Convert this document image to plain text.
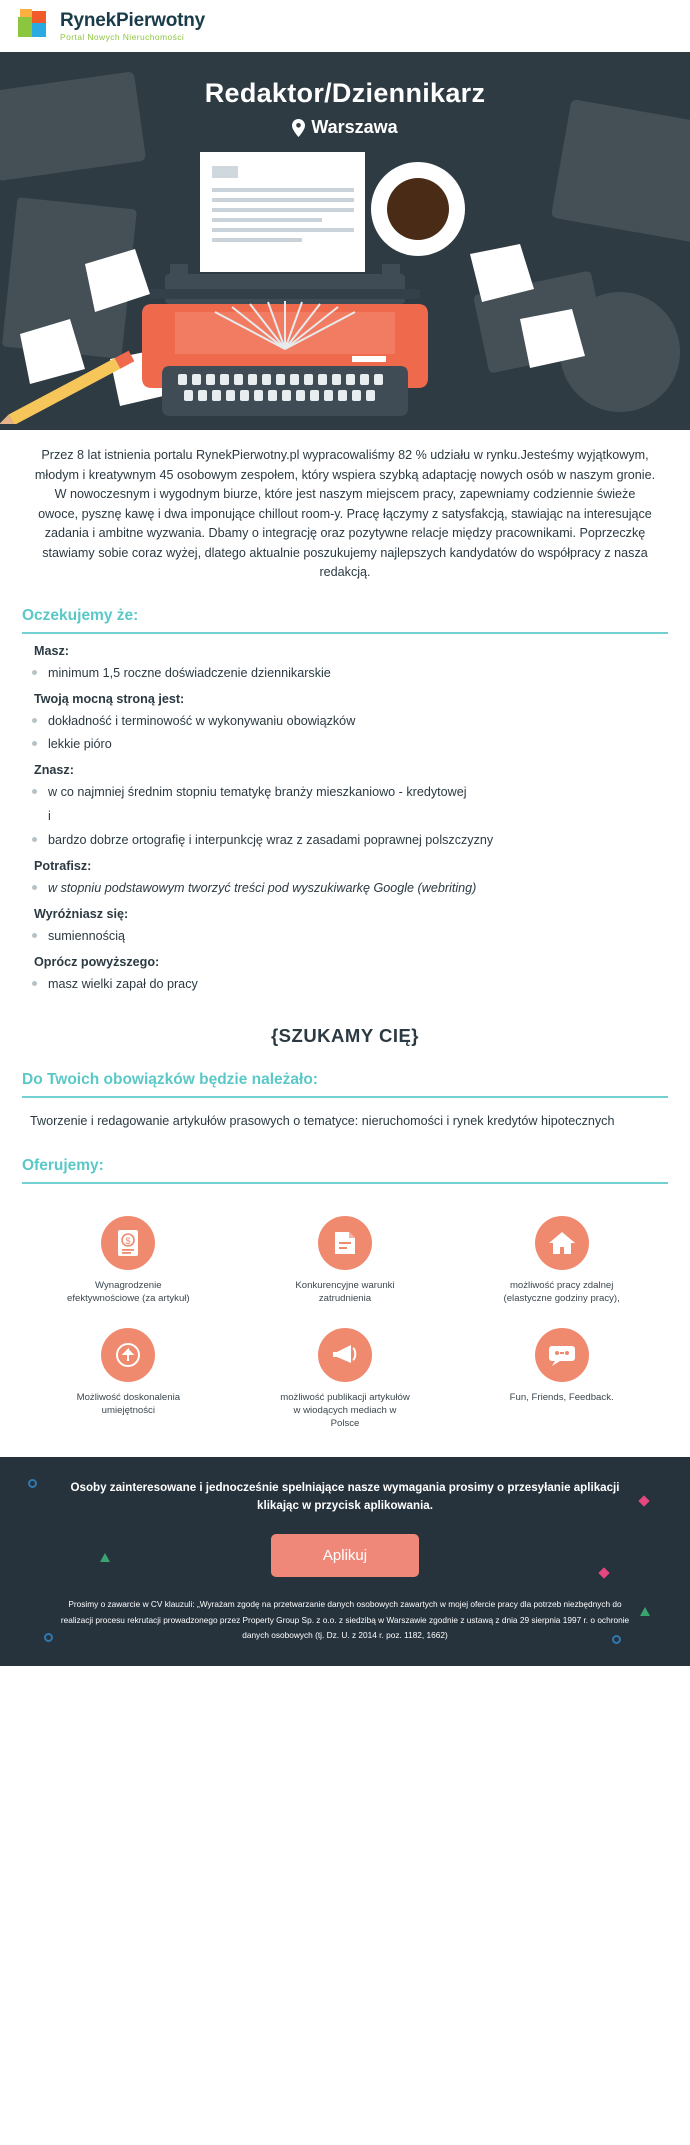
RynekPierwotny
Portal Nowych Nieruchomości
Redaktor/Dziennikarz
Warszawa
Przez 8 lat istnienia portalu RynekPierwotny.pl wypracowaliśmy 82 % udziału w rynku.Jesteśmy wyjątkowym, młodym i kreatywnym 45 osobowym zespołem, który wspiera szybką adaptację nowych osób w naszym gronie. W nowoczesnym i wygodnym biurze, które jest naszym miejscem pracy, zapewniamy codziennie świeże owoce, pysznę kawę i dwa imponujące chillout room-y. Pracę łączymy z satysfakcją, stawiając na interesujące zadania i ambitne wyzwania. Dbamy o integrację oraz pozytywne relacje między pracownikami. Poprzeczkę stawiamy sobie coraz wyżej, dlatego aktualnie poszukujemy najlepszych kandydatów do współpracy z nasza redakcją.
Oczekujemy że:
Masz:
minimum 1,5 roczne doświadczenie dziennikarskie
Twoją mocną stroną jest:
dokładność i terminowość w wykonywaniu obowiązków
lekkie pióro
Znasz:
w co najmniej średnim stopniu tematykę branży mieszkaniowo - kredytowej
i
bardzo dobrze ortografię i interpunkcję wraz z zasadami poprawnej polszczyzny
Potrafisz:
w stopniu podstawowym tworzyć treści pod wyszukiwarkę Google (webriting)
Wyróżniasz się:
sumiennością
Oprócz powyższego:
masz wielki zapał do pracy
{SZUKAMY CIĘ}
Do Twoich obowiązków będzie należało:
Tworzenie i redagowanie artykułów prasowych o tematyce: nieruchomości i rynek kredytów hipotecznych
Oferujemy:
$
Wynagrodzenie
efektywnościowe (za artykuł)
Konkurencyjne warunki
zatrudnienia
możliwość pracy zdalnej
(elastyczne godziny pracy),
Możliwość doskonalenia
umiejętności
możliwość publikacji artykułów
w wiodących mediach w
Polsce
Fun, Friends, Feedback.

Osoby zainteresowane i jednocześnie spelniające nasze wymagania prosimy o przesyłanie aplikacji klikając w przycisk aplikowania.

Aplikuj

Prosimy o zawarcie w CV klauzuli: „Wyrażam zgodę na przetwarzanie danych osobowych zawartych w mojej ofercie pracy dla potrzeb niezbędnych do realizacji procesu rekrutacji prowadzonego przez Property Group Sp. z o.o. z siedzibą w Warszawie zgodnie z ustawą z dnia 29 sierpnia 1997 r. o ochronie danych osobowych (tj. Dz. U. z 2014 r. poz. 1182, 1662)
